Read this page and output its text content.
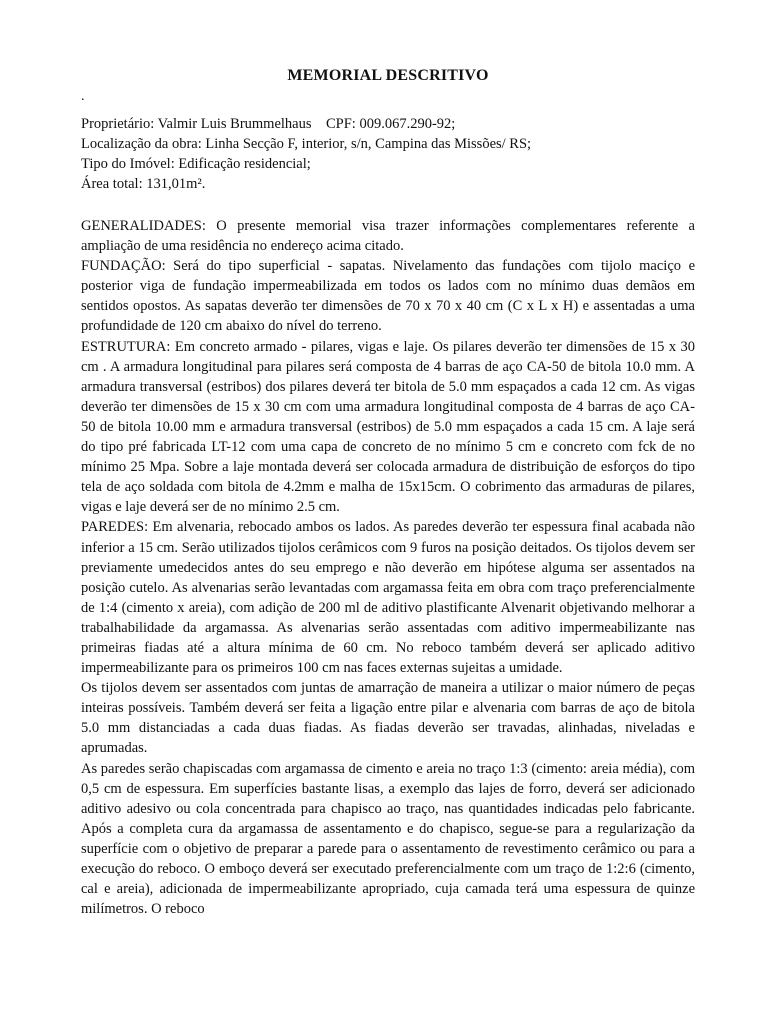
MEMORIAL DESCRITIVO
.

Proprietário: Valmir Luis Brummelhaus    CPF: 009.067.290-92;

Localização da obra: Linha Secção F, interior, s/n, Campina das Missões/ RS;

Tipo do Imóvel: Edificação residencial;

Área total: 131,01m².

GENERALIDADES: O presente memorial visa trazer informações complementares referente a ampliação de uma residência no endereço acima citado.

FUNDAÇÃO: Será do tipo superficial - sapatas. Nivelamento das fundações com tijolo maciço e posterior viga de fundação impermeabilizada em todos os lados com no mínimo duas demãos em sentidos opostos. As sapatas deverão ter dimensões de 70 x 70 x 40 cm (C x L x H) e assentadas a uma profundidade de 120 cm abaixo do nível do terreno.

ESTRUTURA: Em concreto armado - pilares, vigas e laje. Os pilares deverão ter dimensões de 15 x 30 cm . A armadura longitudinal para pilares será composta de 4 barras de aço CA-50 de bitola 10.0 mm. A armadura transversal (estribos) dos pilares deverá ter bitola de 5.0 mm espaçados a cada 12 cm. As vigas deverão ter dimensões de 15 x 30 cm com uma armadura longitudinal composta de 4 barras de aço CA-50 de bitola 10.00 mm e armadura transversal (estribos) de 5.0 mm espaçados a cada 15 cm. A laje será do tipo pré fabricada LT-12 com uma capa de concreto de no mínimo 5 cm e concreto com fck de no mínimo 25 Mpa. Sobre a laje montada deverá ser colocada armadura de distribuição de esforços do tipo tela de aço soldada com bitola de 4.2mm e malha de 15x15cm. O cobrimento das armaduras de pilares, vigas e laje deverá ser de no mínimo 2.5 cm.

PAREDES: Em alvenaria, rebocado ambos os lados. As paredes deverão ter espessura final acabada não inferior a 15 cm. Serão utilizados tijolos cerâmicos com 9 furos na posição deitados. Os tijolos devem ser previamente umedecidos antes do seu emprego e não deverão em hipótese alguma ser assentados na posição cutelo. As alvenarias serão levantadas com argamassa feita em obra com traço preferencialmente de 1:4 (cimento x areia), com adição de 200 ml de aditivo plastificante Alvenarit objetivando melhorar a trabalhabilidade da argamassa. As alvenarias serão assentadas com aditivo impermeabilizante nas primeiras fiadas até a altura mínima de 60 cm. No reboco também deverá ser aplicado aditivo impermeabilizante para os primeiros 100 cm nas faces externas sujeitas a umidade.

Os tijolos devem ser assentados com juntas de amarração de maneira a utilizar o maior número de peças inteiras possíveis. Também deverá ser feita a ligação entre pilar e alvenaria com barras de aço de bitola 5.0 mm distanciadas a cada duas fiadas. As fiadas deverão ser travadas, alinhadas, niveladas e aprumadas.

As paredes serão chapiscadas com argamassa de cimento e areia no traço 1:3 (cimento: areia média), com 0,5 cm de espessura. Em superfícies bastante lisas, a exemplo das lajes de forro, deverá ser adicionado aditivo adesivo ou cola concentrada para chapisco ao traço, nas quantidades indicadas pelo fabricante. Após a completa cura da argamassa de assentamento e do chapisco, segue-se para a regularização da superfície com o objetivo de preparar a parede para o assentamento de revestimento cerâmico ou para a execução do reboco. O emboço deverá ser executado preferencialmente com um traço de 1:2:6 (cimento, cal e areia), adicionada de impermeabilizante apropriado, cuja camada terá uma espessura de quinze milímetros. O reboco
